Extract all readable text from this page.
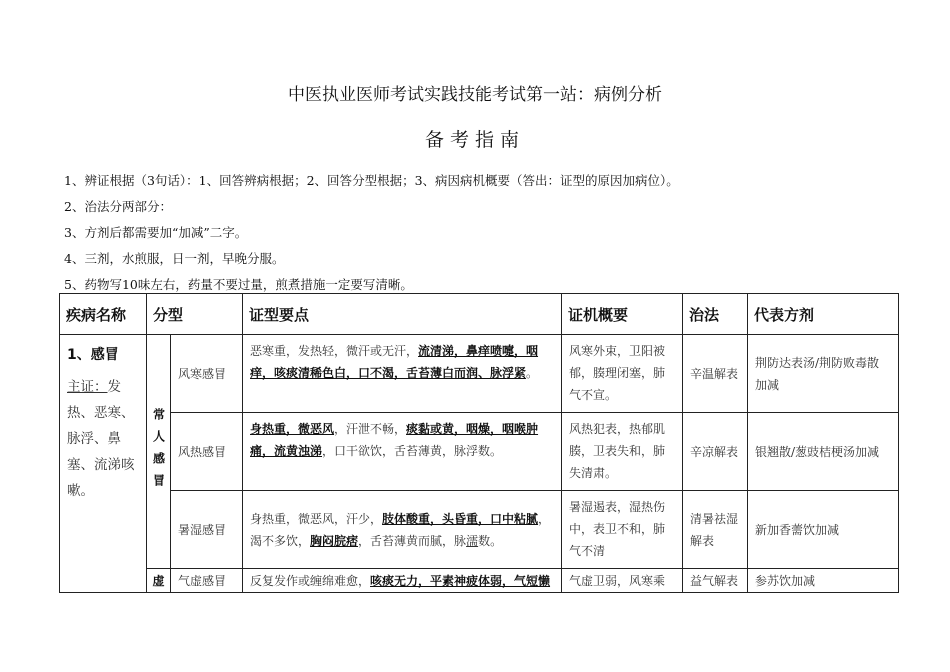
中医执业医师考试实践技能考试第一站：病例分析
备考指南
1、辨证根据（3句话）：1、回答辨病根据；2、回答分型根据；3、病因病机概要（答出：证型的原因加病位）。
2、治法分两部分：
3、方剂后都需要加“加减”二字。
4、三剂，水煎服，日一剂，早晚分服。
5、药物写10味左右，药量不要过量，煎煮措施一定要写清晰。
疾病名称	分型		证型要点	证机概要	治法	代表方剂

1、感冒
主证：发热、恶寒、脉浮、鼻塞、流涕咳嗽。	常人感冒	风寒感冒	恶寒重，发热轻，微汗或无汗，流清涕，鼻痒喷嚏，咽痒，咳痰清稀色白，口不渴，舌苔薄白而润、脉浮紧。	风寒外束，卫阳被郁，腠理闭塞，肺气不宣。	辛温解表	荆防达表汤/荆防败毒散加减
		风热感冒	身热重，微恶风，汗泄不畅，痰黏或黄，咽燥，咽喉肿痛，流黄浊涕，口干欲饮，舌苔薄黄，脉浮数。	风热犯表，热郁肌腠，卫表失和，肺失清肃。	辛凉解表	银翘散/葱豉桔梗汤加减
		暑湿感冒	身热重，微恶风，汗少，肢体酸重，头昏重，口中粘腻，渴不多饮，胸闷脘痞，舌苔薄黄而腻，脉濡数。	暑湿遏表，湿热伤中，表卫不和，肺气不清	清暑祛湿解表	新加香薷饮加减
	虚	气虚感冒	反复发作或缠绵难愈，咳痰无力，平素神疲体弱，气短懒	气虚卫弱，风寒乘	益气解表	参苏饮加减
